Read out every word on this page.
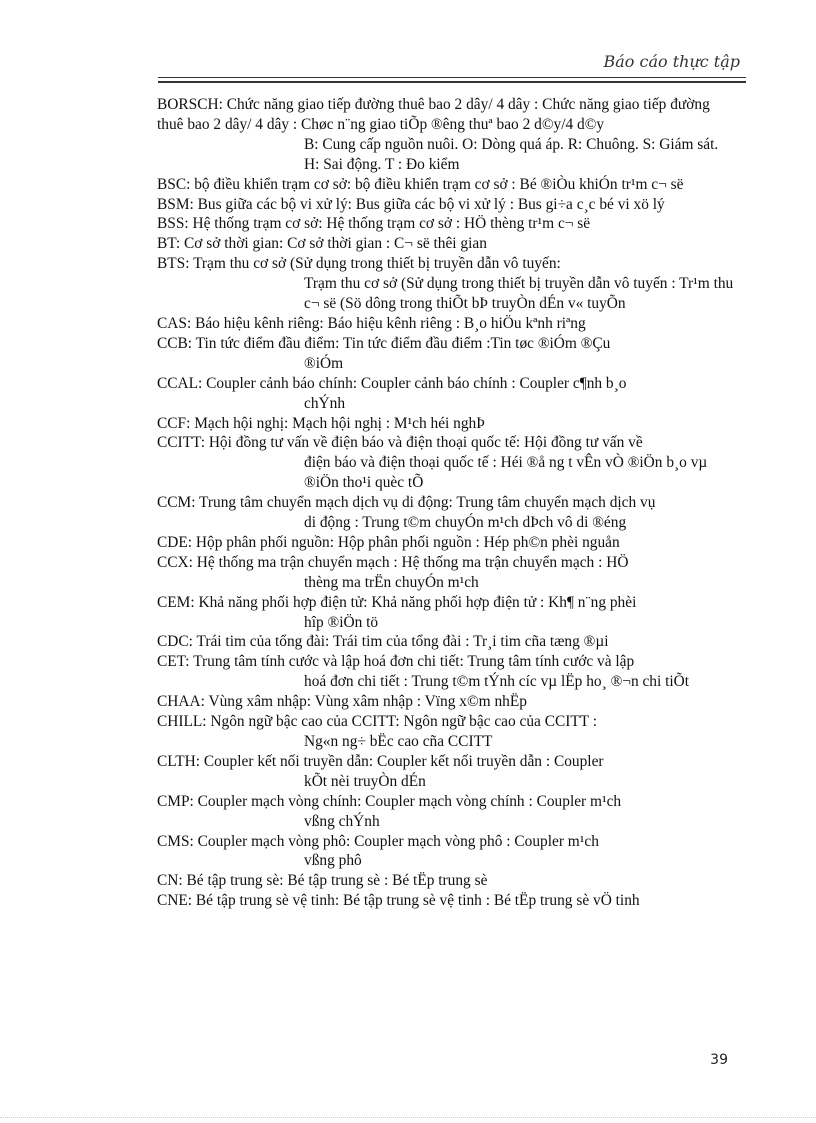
Báo cáo thực tập

BORSCH: Chức năng giao tiếp đường thuê bao 2 dây/ 4 dây : Chức năng giao tiếp đường thuê bao 2 dây/ 4 dây : Chøc n¨ng giao tiÕp ®êng thuª bao 2 d©y/4 d©y
B: Cung cấp nguồn nuôi. O: Dòng quá áp. R: Chuông. S: Giám sát. H: Sai động. T : Đo kiểm

BSC: bộ điều khiển trạm cơ sở: bộ điều khiển trạm cơ sở : Bé ®iÒu khiÓn tr¹m c¬ së

BSM: Bus giữa các bộ vi xử lý: Bus giữa các bộ vi xử lý : Bus gi÷a c¸c bé vi xö lý

BSS: Hệ thống trạm cơ sở: Hệ thống trạm cơ sở : HÖ thèng tr¹m c¬ së

BT: Cơ sở thời gian: Cơ sở thời gian : C¬ së thêi gian

BTS: Trạm thu cơ sở (Sử dụng trong thiết bị truyền dẫn vô tuyến:
Trạm thu cơ sở (Sử dụng trong thiết bị truyền dẫn vô tuyến : Tr¹m thu c¬ së (Sö dông trong thiÕt bÞ truyÒn dÉn v« tuyÕn

CAS: Báo hiệu kênh riêng: Báo hiệu kênh riêng : B¸o hiÖu kªnh riªng

CCB: Tin tức điểm đầu điểm: Tin tức điểm đầu điểm :Tin tøc ®iÓm ®Çu
®iÓm

CCAL: Coupler cảnh báo chính: Coupler cảnh báo chính : Coupler c¶nh b¸o
chÝnh

CCF: Mạch hội nghị: Mạch hội nghị : M¹ch héi nghÞ

CCITT: Hội đồng tư vấn về điện báo và điện thoại quốc tế: Hội đồng tư vấn về
điện báo và điện thoại quốc tế : Héi ®å ng t vÊn vÒ ®iÖn b¸o vµ ®iÖn tho¹i quèc tÕ

CCM: Trung tâm chuyển mạch dịch vụ di động: Trung tâm chuyển mạch dịch vụ
di động : Trung t©m chuyÓn m¹ch dÞch vô di ®éng

CDE: Hộp phân phối nguồn: Hộp phân phối nguồn : Hép ph©n phèi nguån

CCX: Hệ thống ma trận chuyển mạch : Hệ thống ma trận chuyển mạch : HÖ
thèng ma trËn chuyÓn m¹ch

CEM: Khả năng phối hợp điện tử: Khả năng phối hợp điện tử : Kh¶ n¨ng phèi
hîp ®iÖn tö

CDC: Trái tim của tổng đài: Trái tim của tổng đài : Tr¸i tim cña tæng ®µi

CET: Trung tâm tính cước và lập hoá đơn chi tiết: Trung tâm tính cước và lập
hoá đơn chi tiết : Trung t©m tÝnh cíc vµ lËp ho¸ ®¬n chi tiÕt

CHAA: Vùng xâm nhập: Vùng xâm nhập : Vïng x©m nhËp

CHILL: Ngôn ngữ bậc cao của CCITT: Ngôn ngữ bậc cao của CCITT :
Ng«n ng÷ bËc cao cña CCITT

CLTH: Coupler kết nối truyền dẫn: Coupler kết nối truyền dẫn : Coupler
kÕt nèi truyÒn dÉn

CMP: Coupler mạch vòng chính: Coupler mạch vòng chính : Coupler m¹ch
vßng chÝnh

CMS: Coupler mạch vòng phô: Coupler mạch vòng phô : Coupler m¹ch
vßng phô

CN: Bé tập trung sè: Bé tập trung sè : Bé tËp trung sè

CNE: Bé tập trung sè vệ tinh: Bé tập trung sè vệ tinh : Bé tËp trung sè vÖ tinh

39
